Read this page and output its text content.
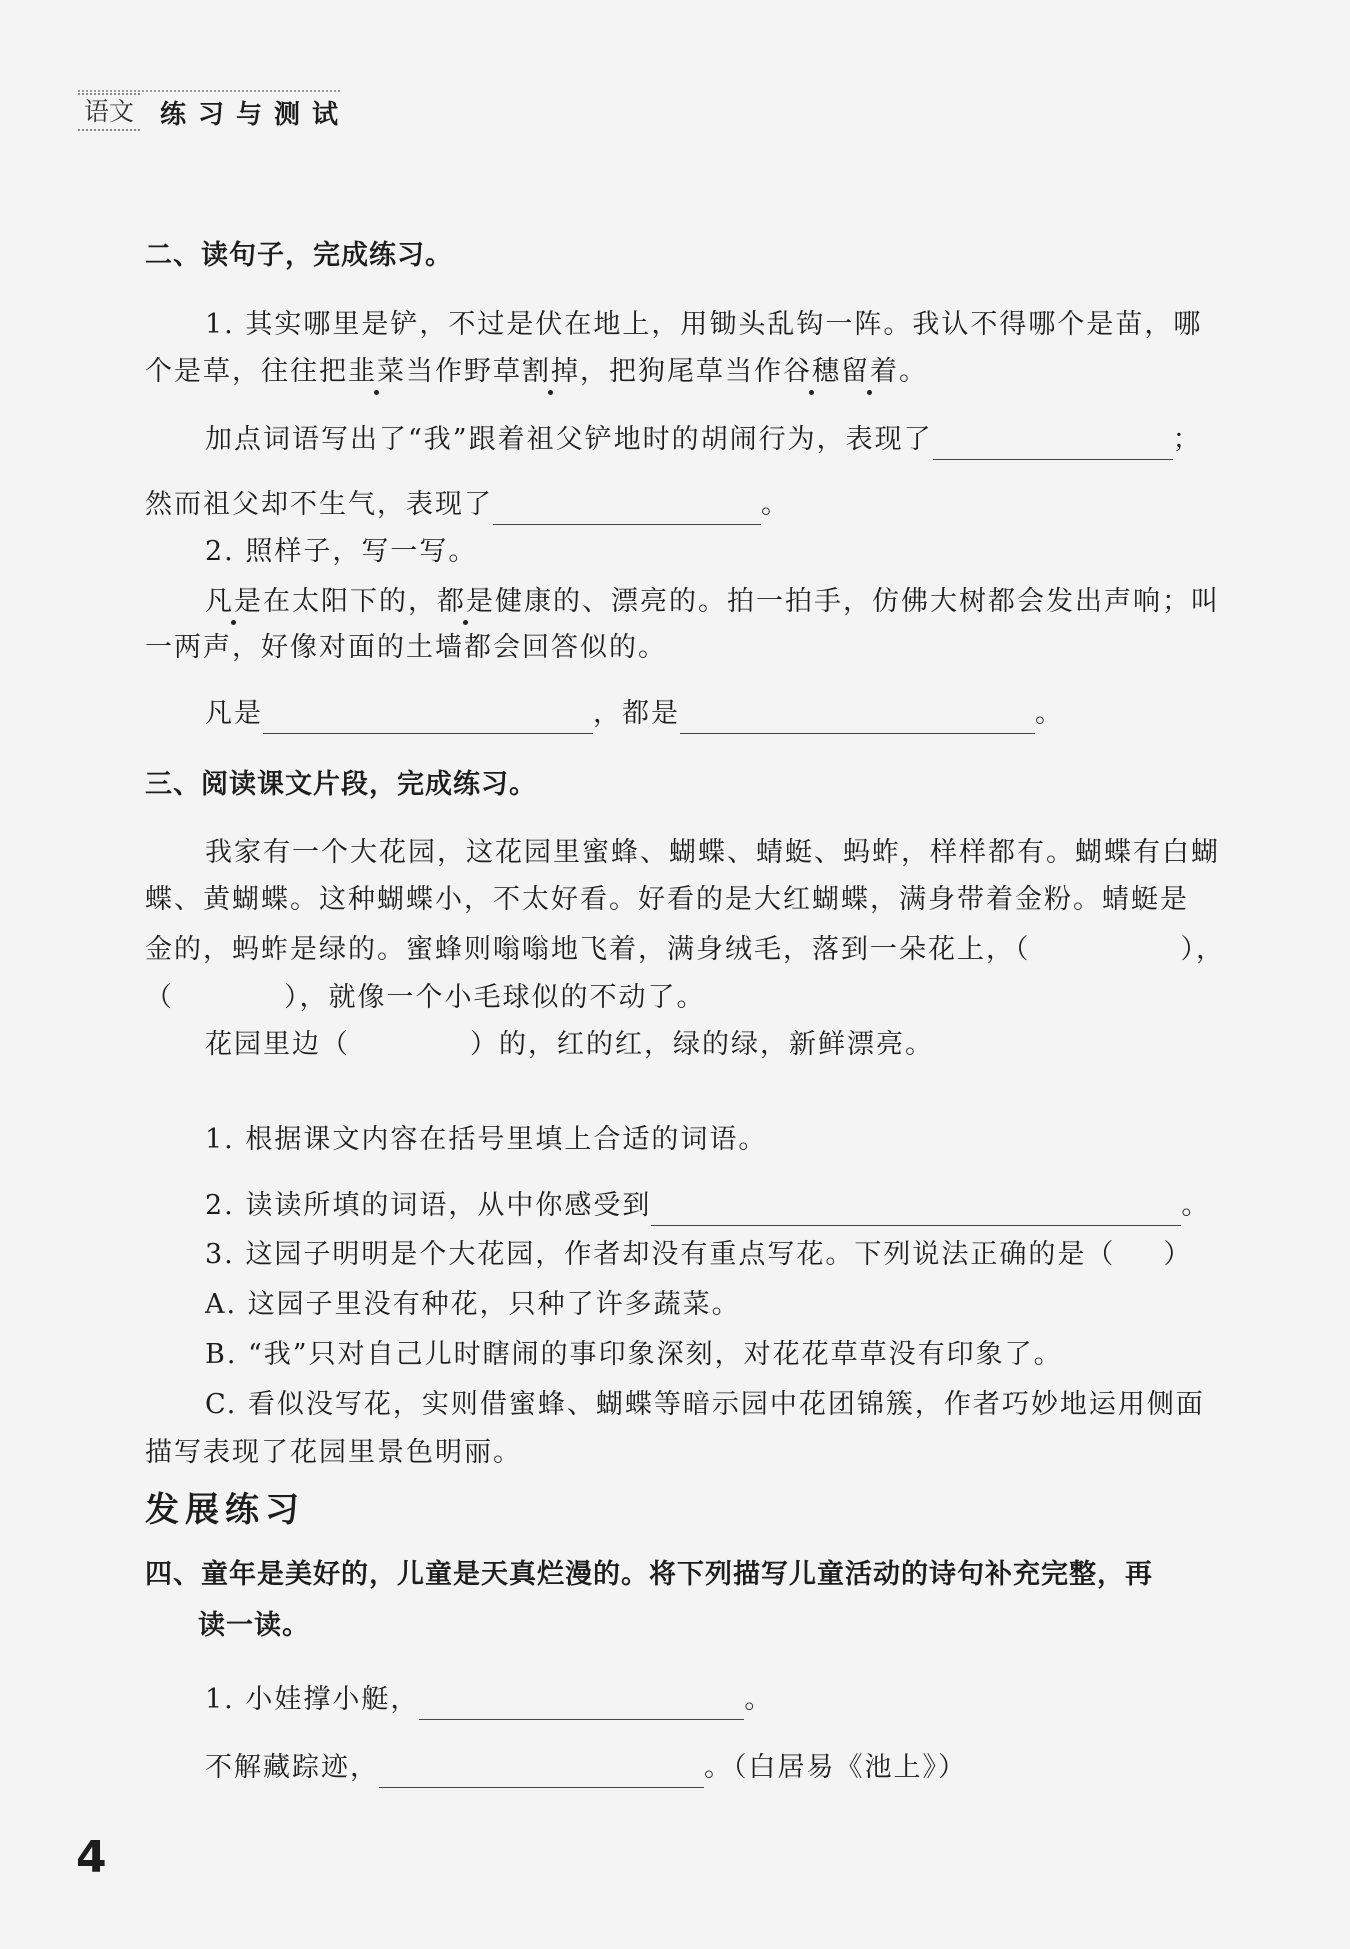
语文 练习与测试
二、读句子，完成练习。
1. 其实哪里是铲，不过是伏在地上，用锄头乱钩一阵。我认不得哪个是苗，哪
个是草，往往把韭菜当作野草割掉，把狗尾草当作谷穗留着。
加点词语写出了“我”跟着祖父铲地时的胡闹行为，表现了	；
然而祖父却不生气，表现了	。
2. 照样子，写一写。
凡是在太阳下的，都是健康的、漂亮的。拍一拍手，仿佛大树都会发出声响；叫
一两声，好像对面的土墙都会回答似的。
凡是	，都是	。
三、阅读课文片段，完成练习。
我家有一个大花园，这花园里蜜蜂、蝴蝶、蜻蜓、蚂蚱，样样都有。蝴蝶有白蝴
蝶、黄蝴蝶。这种蝴蝶小，不太好看。好看的是大红蝴蝶，满身带着金粉。蜻蜓是
金的，蚂蚱是绿的。蜜蜂则嗡嗡地飞着，满身绒毛，落到一朵花上，（	），
（	），就像一个小毛球似的不动了。
花园里边（	）的，红的红，绿的绿，新鲜漂亮。
1. 根据课文内容在括号里填上合适的词语。
2. 读读所填的词语，从中你感受到	。
3. 这园子明明是个大花园，作者却没有重点写花。下列说法正确的是（ ）
A. 这园子里没有种花，只种了许多蔬菜。
B. “我”只对自己儿时瞎闹的事印象深刻，对花花草草没有印象了。
C. 看似没写花，实则借蜜蜂、蝴蝶等暗示园中花团锦簇，作者巧妙地运用侧面
描写表现了花园里景色明丽。
发展练习
四、童年是美好的，儿童是天真烂漫的。将下列描写儿童活动的诗句补充完整，再
读一读。
1. 小娃撑小艇，	。
不解藏踪迹，	。（白居易《池上》）
4
